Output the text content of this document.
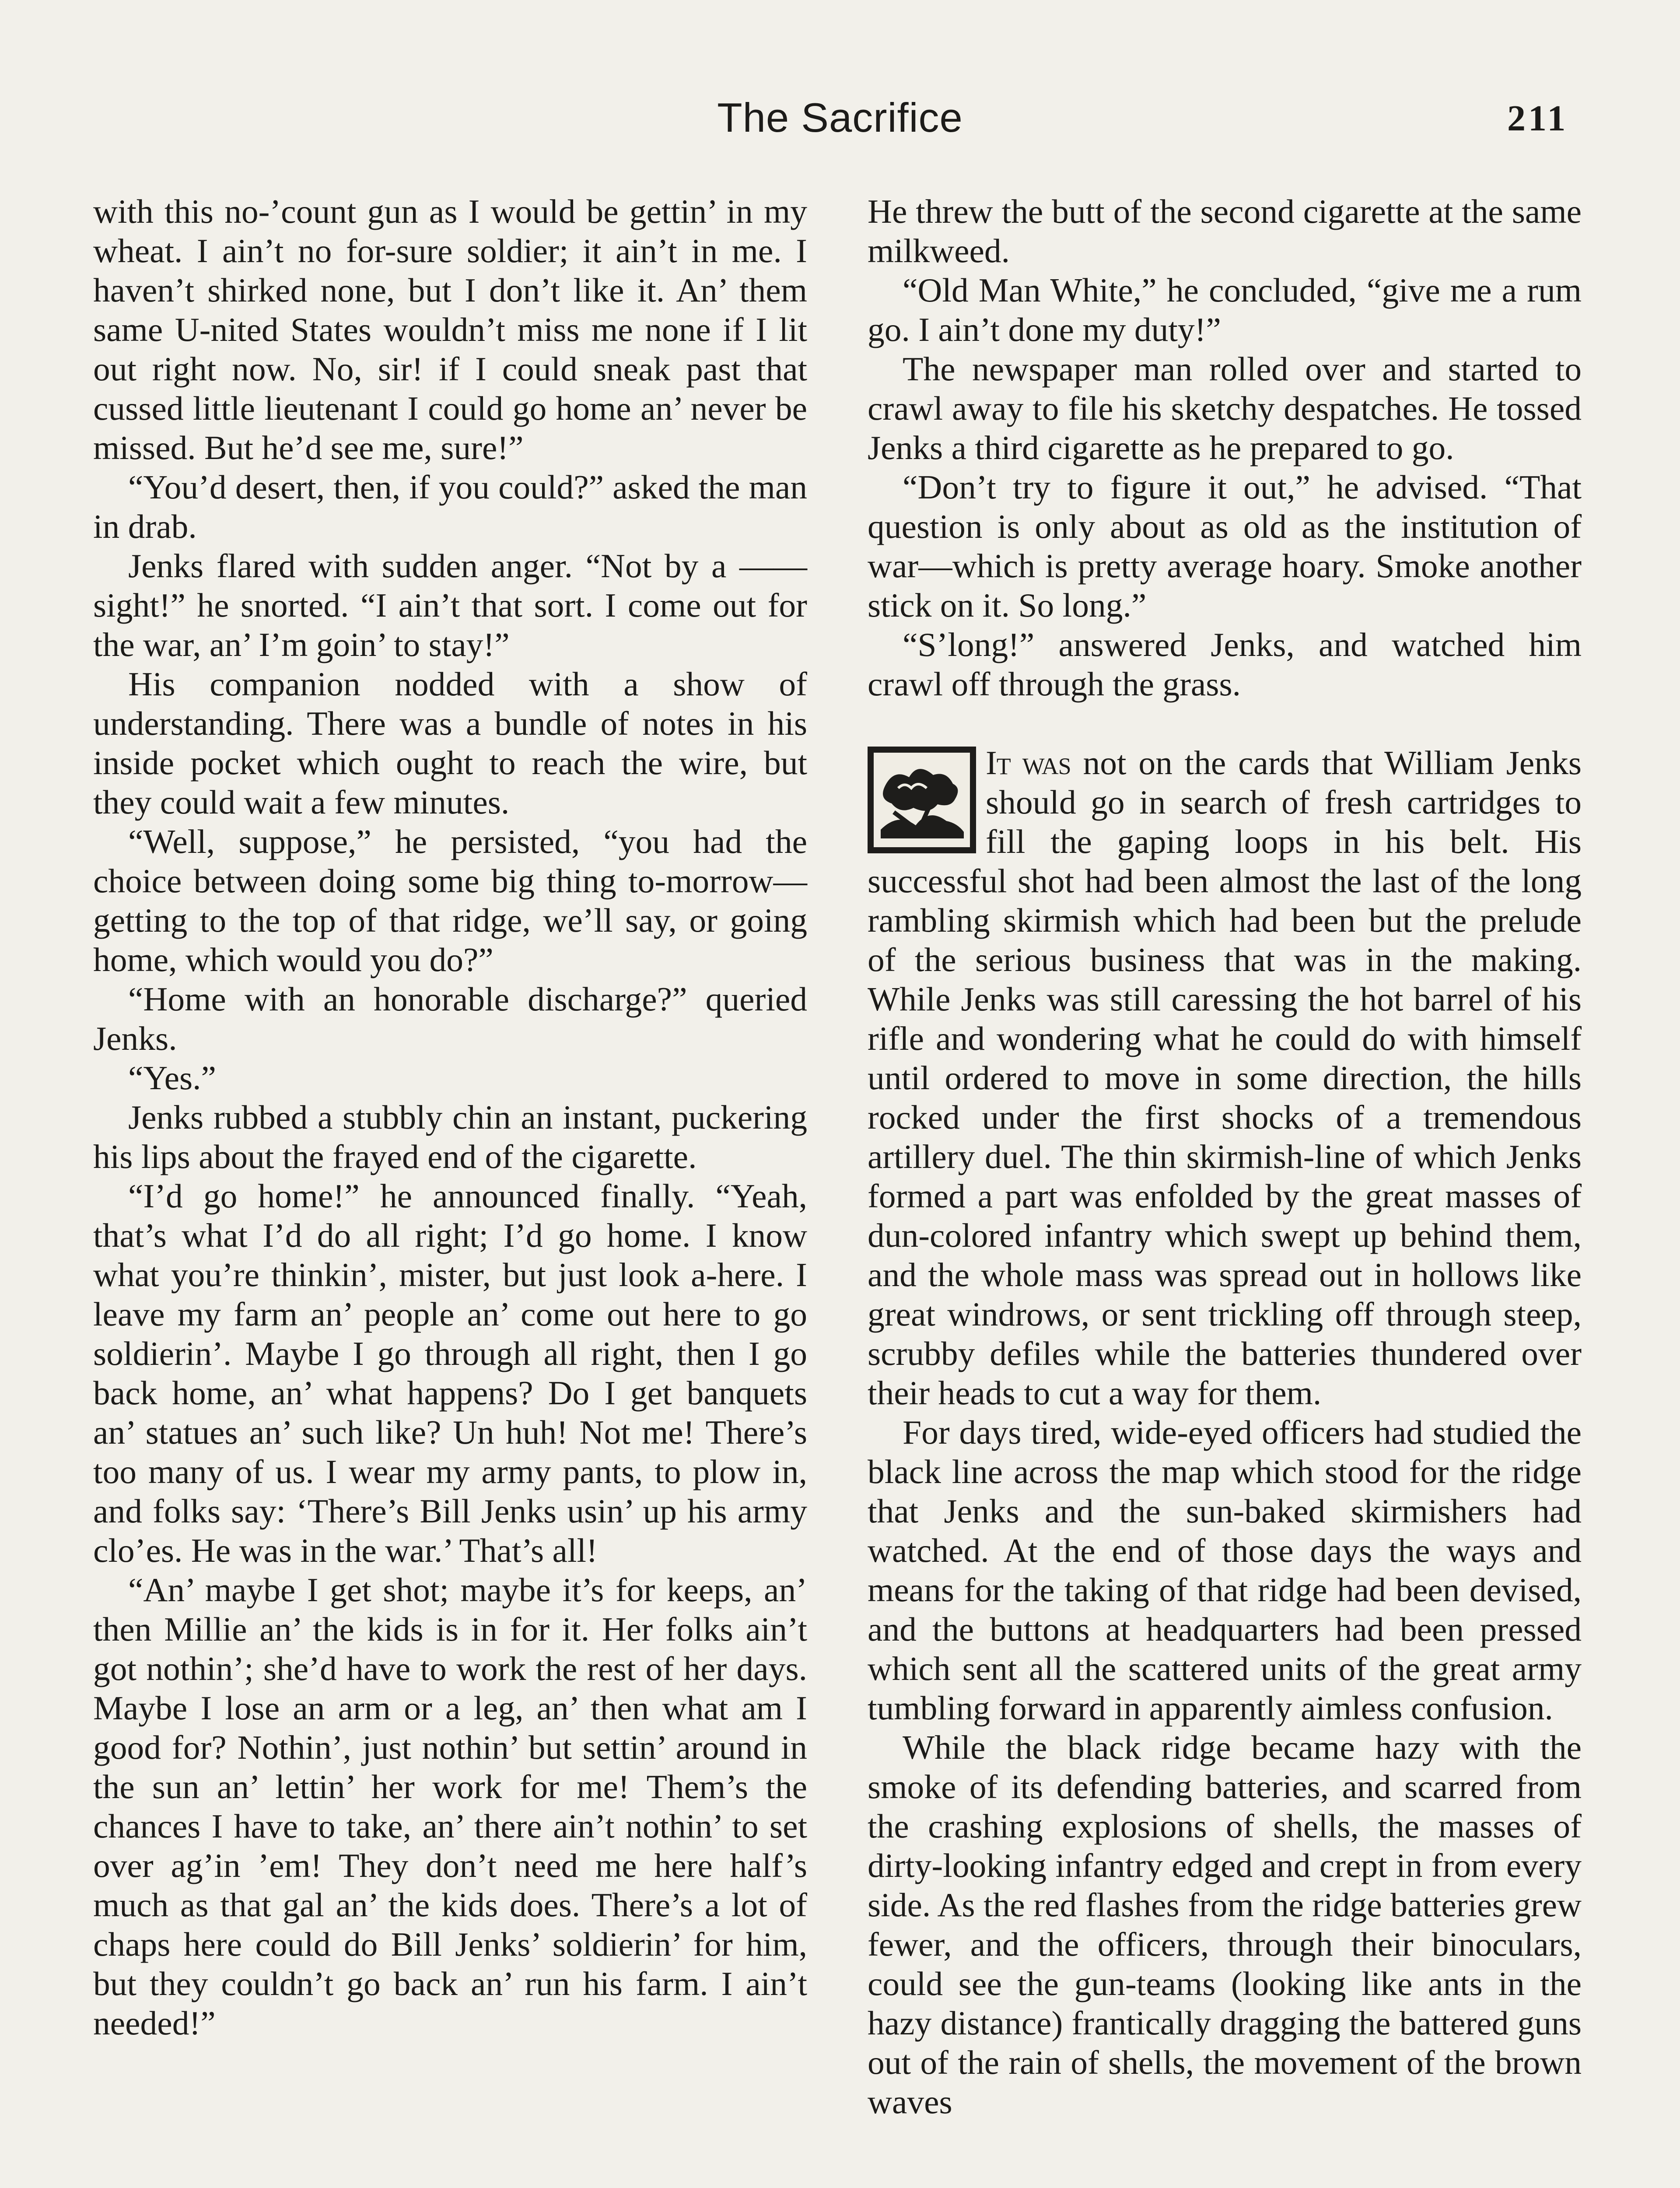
The Sacrifice	211

with this no-’count gun as I would be gettin’ in my wheat. I ain’t no for-sure soldier; it ain’t in me. I haven’t shirked none, but I don’t like it. An’ them same U-nited States wouldn’t miss me none if I lit out right now. No, sir! if I could sneak past that cussed little lieutenant I could go home an’ never be missed. But he’d see me, sure!”

“You’d desert, then, if you could?” asked the man in drab.

Jenks flared with sudden anger. “Not by a —— sight!” he snorted. “I ain’t that sort. I come out for the war, an’ I’m goin’ to stay!”

His companion nodded with a show of understanding. There was a bundle of notes in his inside pocket which ought to reach the wire, but they could wait a few minutes.

“Well, suppose,” he persisted, “you had the choice between doing some big thing to-morrow—getting to the top of that ridge, we’ll say, or going home, which would you do?”

“Home with an honorable discharge?” queried Jenks.

“Yes.”

Jenks rubbed a stubbly chin an instant, puckering his lips about the frayed end of the cigarette.

“I’d go home!” he announced finally. “Yeah, that’s what I’d do all right; I’d go home. I know what you’re thinkin’, mister, but just look a-here. I leave my farm an’ people an’ come out here to go soldierin’. Maybe I go through all right, then I go back home, an’ what happens? Do I get banquets an’ statues an’ such like? Un huh! Not me! There’s too many of us. I wear my army pants, to plow in, and folks say: ‘There’s Bill Jenks usin’ up his army clo’es. He was in the war.’ That’s all!

“An’ maybe I get shot; maybe it’s for keeps, an’ then Millie an’ the kids is in for it. Her folks ain’t got nothin’; she’d have to work the rest of her days. Maybe I lose an arm or a leg, an’ then what am I good for? Nothin’, just nothin’ but settin’ around in the sun an’ lettin’ her work for me! Them’s the chances I have to take, an’ there ain’t nothin’ to set over ag’in ’em! They don’t need me here half’s much as that gal an’ the kids does. There’s a lot of chaps here could do Bill Jenks’ soldierin’ for him, but they couldn’t go back an’ run his farm. I ain’t needed!”

He threw the butt of the second cigarette at the same milkweed.

“Old Man White,” he concluded, “give me a rum go. I ain’t done my duty!”

The newspaper man rolled over and started to crawl away to file his sketchy despatches. He tossed Jenks a third cigarette as he prepared to go.

“Don’t try to figure it out,” he advised. “That question is only about as old as the institution of war—which is pretty average hoary. Smoke another stick on it. So long.”

“S’long!” answered Jenks, and watched him crawl off through the grass.

It was not on the cards that William Jenks should go in search of fresh cartridges to fill the gaping loops in his belt. His successful shot had been almost the last of the long rambling skirmish which had been but the prelude of the serious business that was in the making. While Jenks was still caressing the hot barrel of his rifle and wondering what he could do with himself until ordered to move in some direction, the hills rocked under the first shocks of a tremendous artillery duel. The thin skirmish-line of which Jenks formed a part was enfolded by the great masses of dun-colored infantry which swept up behind them, and the whole mass was spread out in hollows like great windrows, or sent trickling off through steep, scrubby defiles while the batteries thundered over their heads to cut a way for them.

For days tired, wide-eyed officers had studied the black line across the map which stood for the ridge that Jenks and the sun-baked skirmishers had watched. At the end of those days the ways and means for the taking of that ridge had been devised, and the buttons at headquarters had been pressed which sent all the scattered units of the great army tumbling forward in apparently aimless confusion.

While the black ridge became hazy with the smoke of its defending batteries, and scarred from the crashing explosions of shells, the masses of dirty-looking infantry edged and crept in from every side. As the red flashes from the ridge batteries grew fewer, and the officers, through their binoculars, could see the gun-teams (looking like ants in the hazy distance) frantically dragging the battered guns out of the rain of shells, the movement of the brown waves
